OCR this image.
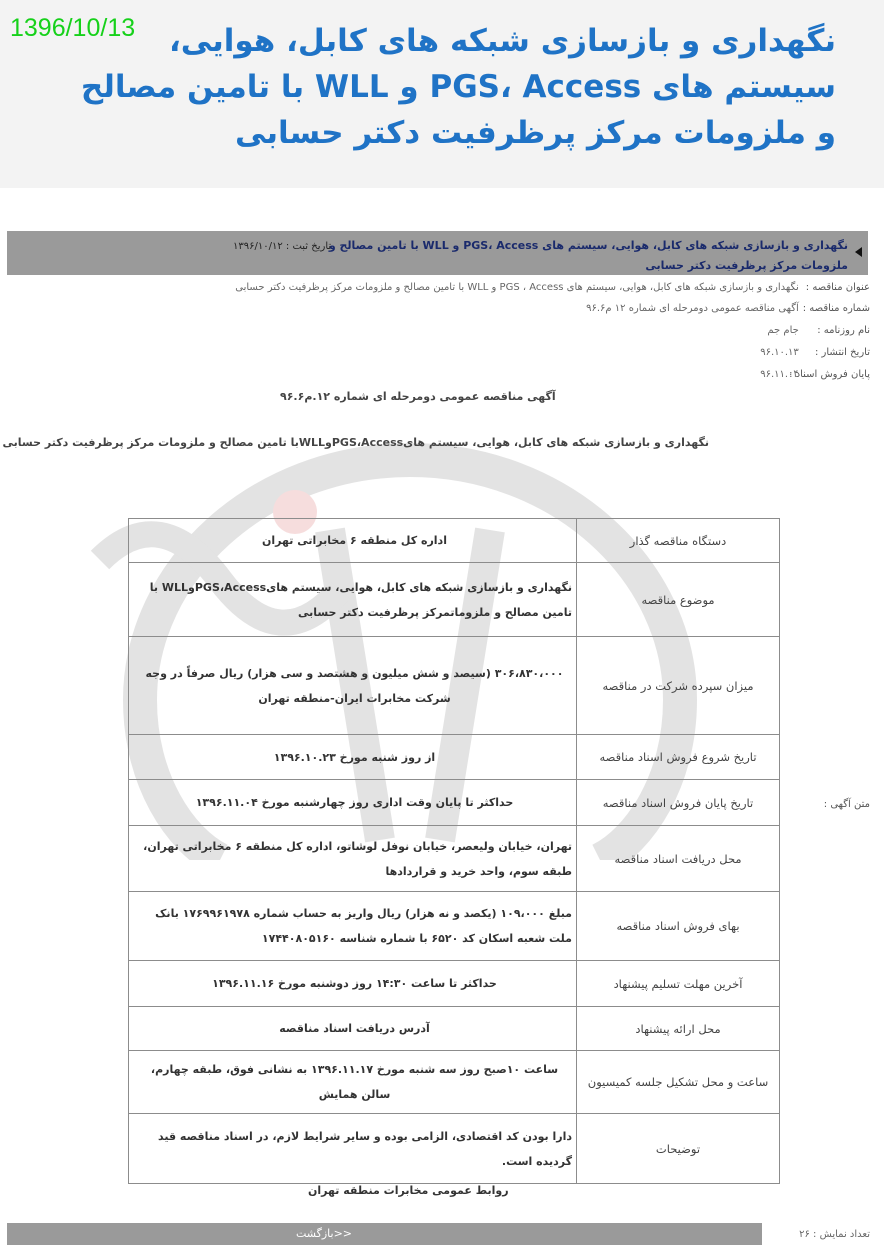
1396/10/13	نگهداری و بازسازی شبکه های کابل، هوایی، سیستم های PGS، Access و WLL با تامین مصالح و ملزومات مرکز پرظرفیت دکتر حسابی
نگهداری و بازسازی شبکه های کابل، هوایی، سیستم های PGS، Access و WLL با تامین مصالح و ملزومات مرکز پرظرفیت دکتر حسابی
تاریخ ثبت : ۱۳۹۶/۱۰/۱۲
عنوان مناقصه : نگهداری و بازسازی شبکه های کابل، هوایی، سیستم های PGS ، Access و WLL با تامین مصالح و ملزومات مرکز پرظرفیت دکتر حسابی
شماره مناقصه : آگهی مناقصه عمومی دومرحله ای شماره ۱۲ م۹۶.۶
نام روزنامه : جام جم
تاریخ انتشار : ۹۶.۱۰.۱۳
پایان فروش اسناد : ۹۶.۱۱.۰۴
آگهی مناقصه عمومی دومرحله ای شماره ۱۲.م۹۶.۶
نگهداری و بازسازی شبکه های کابل، هوایی، سیستم هایPGS،AccessوWLLبا تامین مصالح و ملزومات مرکز پرظرفیت دکتر حسابی
متن آگهی :
دستگاه مناقصه گذار	اداره کل منطقه ۶ مخابراتی تهران
موضوع مناقصه	نگهداری و بازسازی شبکه های کابل، هوایی، سیستم هایPGS،AccessوWLL با تامین مصالح و ملزوماتمرکز پرظرفیت دکتر حسابی
میزان سپرده شرکت در مناقصه	۳۰۶،۸۳۰،۰۰۰ (سیصد و شش میلیون و هشتصد و سی هزار) ریال صرفاً در وجه شرکت مخابرات ایران-منطقه تهران
تاریخ شروع فروش اسناد مناقصه	از روز شنبه مورخ ۱۳۹۶.۱۰.۲۳
تاریخ پایان فروش اسناد مناقصه	حداکثر تا پایان وقت اداری روز چهارشنبه مورخ ۱۳۹۶.۱۱.۰۴
محل دریافت اسناد مناقصه	تهران، خیابان ولیعصر، خیابان نوفل لوشاتو، اداره کل منطقه ۶ مخابراتی تهران، طبقه سوم، واحد خرید و قراردادها
بهای فروش اسناد مناقصه	مبلغ ۱۰۹،۰۰۰ (یکصد و نه هزار) ریال واریز به حساب شماره ۱۷۶۹۹۶۱۹۷۸ بانک ملت شعبه اسکان کد ۶۵۲۰ با شماره شناسه ۱۷۴۴۰۸۰۵۱۶۰
آخرین مهلت تسلیم پیشنهاد	حداکثر تا ساعت ۱۴:۳۰ روز دوشنبه مورخ ۱۳۹۶.۱۱.۱۶
محل ارائه پیشنهاد	آدرس دریافت اسناد مناقصه
ساعت و محل تشکیل جلسه کمیسیون	ساعت ۱۰صبح روز سه شنبه مورخ ۱۳۹۶.۱۱.۱۷ به نشانی فوق، طبقه چهارم، سالن همایش
توضیحات	دارا بودن کد اقتصادی، الزامی بوده و سایر شرایط لازم، در اسناد مناقصه قید گردیده است.
روابط عمومی مخابرات منطقه تهران
<<بازگشت	تعداد نمایش : ۲۶
